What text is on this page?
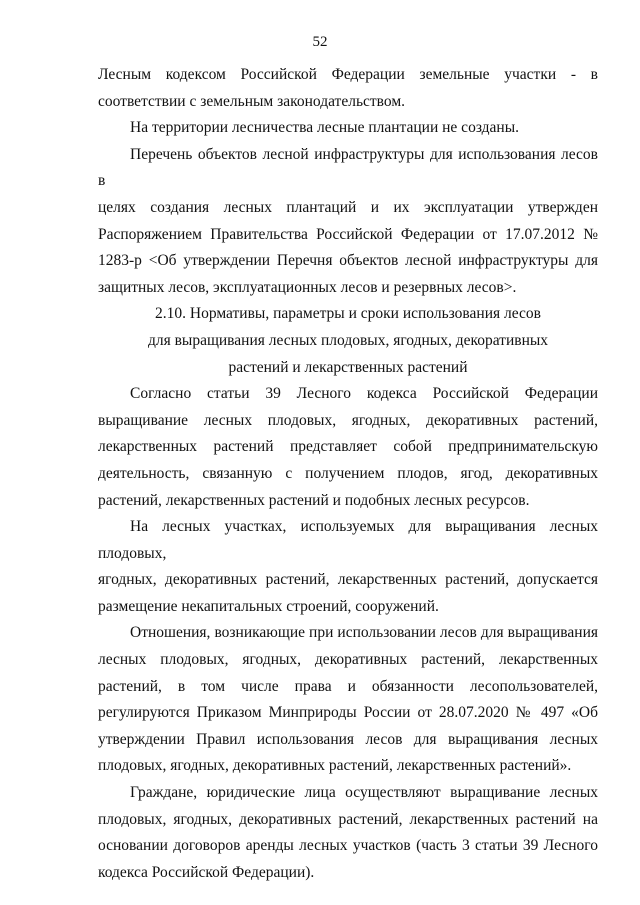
52

Лесным кодексом Российской Федерации земельные участки - в

соответствии с земельным законодательством.

На территории лесничества лесные плантации не созданы.

Перечень объектов лесной инфраструктуры для использования лесов в

целях создания лесных плантаций и их эксплуатации утвержден

Распоряжением Правительства Российской Федерации от 17.07.2012 №

1283-р <Об утверждении Перечня объектов лесной инфраструктуры для

защитных лесов, эксплуатационных лесов и резервных лесов>.

2.10. Нормативы, параметры и сроки использования лесов

для выращивания лесных плодовых, ягодных, декоративных

растений и лекарственных растений

Согласно статьи 39 Лесного кодекса Российской Федерации

выращивание лесных плодовых, ягодных, декоративных растений,

лекарственных растений представляет собой предпринимательскую

деятельность, связанную с получением плодов, ягод, декоративных

растений, лекарственных растений и подобных лесных ресурсов.

На лесных участках, используемых для выращивания лесных плодовых,

ягодных, декоративных растений, лекарственных растений, допускается

размещение некапитальных строений, сооружений.

Отношения, возникающие при использовании лесов для выращивания

лесных плодовых, ягодных, декоративных растений, лекарственных

растений, в том числе права и обязанности лесопользователей,

регулируются Приказом Минприроды России от 28.07.2020 № 497 «Об

утверждении Правил использования лесов для выращивания лесных

плодовых, ягодных, декоративных растений, лекарственных растений».

Граждане, юридические лица осуществляют выращивание лесных

плодовых, ягодных, декоративных растений, лекарственных растений на

основании договоров аренды лесных участков (часть 3 статьи 39 Лесного

кодекса Российской Федерации).
